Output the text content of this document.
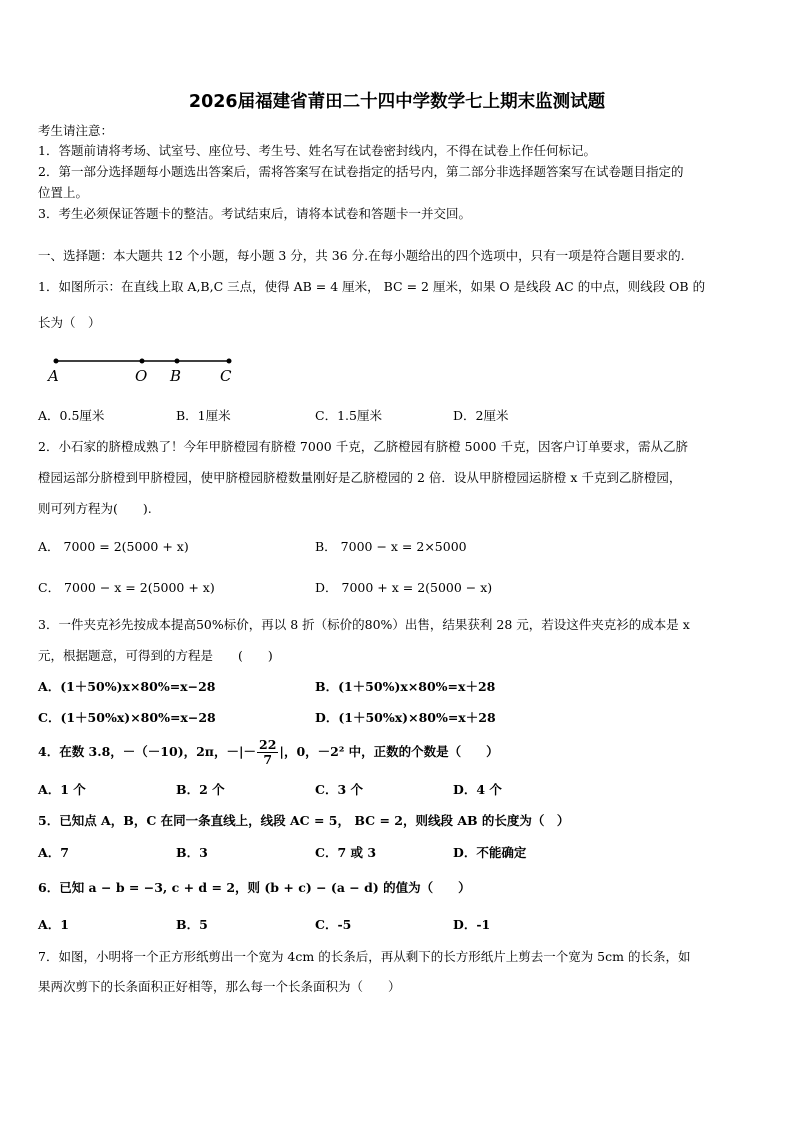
2026届福建省莆田二十四中学数学七上期末监测试题
考生请注意：
1．答题前请将考场、试室号、座位号、考生号、姓名写在试卷密封线内，不得在试卷上作任何标记。
2．第一部分选择题每小题选出答案后，需将答案写在试卷指定的括号内，第二部分非选择题答案写在试卷题目指定的
位置上。
3．考生必须保证答题卡的整洁。考试结束后，请将本试卷和答题卡一并交回。
一、选择题：本大题共 12 个小题，每小题 3 分，共 36 分.在每小题给出的四个选项中，只有一项是符合题目要求的.
1．如图所示：在直线上取 A,B,C 三点，使得 AB = 4 厘米， BC = 2 厘米，如果 O 是线段 AC 的中点，则线段 OB 的
长为（　）
A	O B	C
A．0.5厘米	B．1厘米	C．1.5厘米	D．2厘米
2．小石家的脐橙成熟了！今年甲脐橙园有脐橙 7000 千克，乙脐橙园有脐橙 5000 千克，因客户订单要求，需从乙脐
橙园运部分脐橙到甲脐橙园，使甲脐橙园脐橙数量刚好是乙脐橙园的 2 倍．设从甲脐橙园运脐橙 x 千克到乙脐橙园，
则可列方程为(　　).
A． 7000 = 2(5000 + x)	B． 7000 − x = 2×5000
C． 7000 − x = 2(5000 + x)	D． 7000 + x = 2(5000 − x)
3．一件夹克衫先按成本提高50%标价，再以 8 折（标价的80%）出售，结果获利 28 元，若设这件夹克衫的成本是 x
元，根据题意，可得到的方程是　　(　　)
A．(1＋50%)x×80%=x−28	B．(1＋50%)x×80%=x＋28
C．(1＋50%x)×80%=x−28	D．(1＋50%x)×80%=x＋28
4．在数 3.8，－（－10)，2π，－|－ $\frac{22}{7}$ |，0，－2² 中，正数的个数是（　　）
A．1 个	B．2 个	C．3 个	D．4 个
5．已知点 A，B，C 在同一条直线上，线段 AC = 5， BC = 2，则线段 AB 的长度为（　）
A．7	B．3	C．7 或 3	D．不能确定
6．已知 a − b = −3, c + d = 2，则 (b + c) − (a − d) 的值为（　　）
A．1	B．5	C．-5	D．-1
7．如图，小明将一个正方形纸剪出一个宽为 4cm 的长条后，再从剩下的长方形纸片上剪去一个宽为 5cm 的长条，如
果两次剪下的长条面积正好相等，那么每一个长条面积为（　　）
